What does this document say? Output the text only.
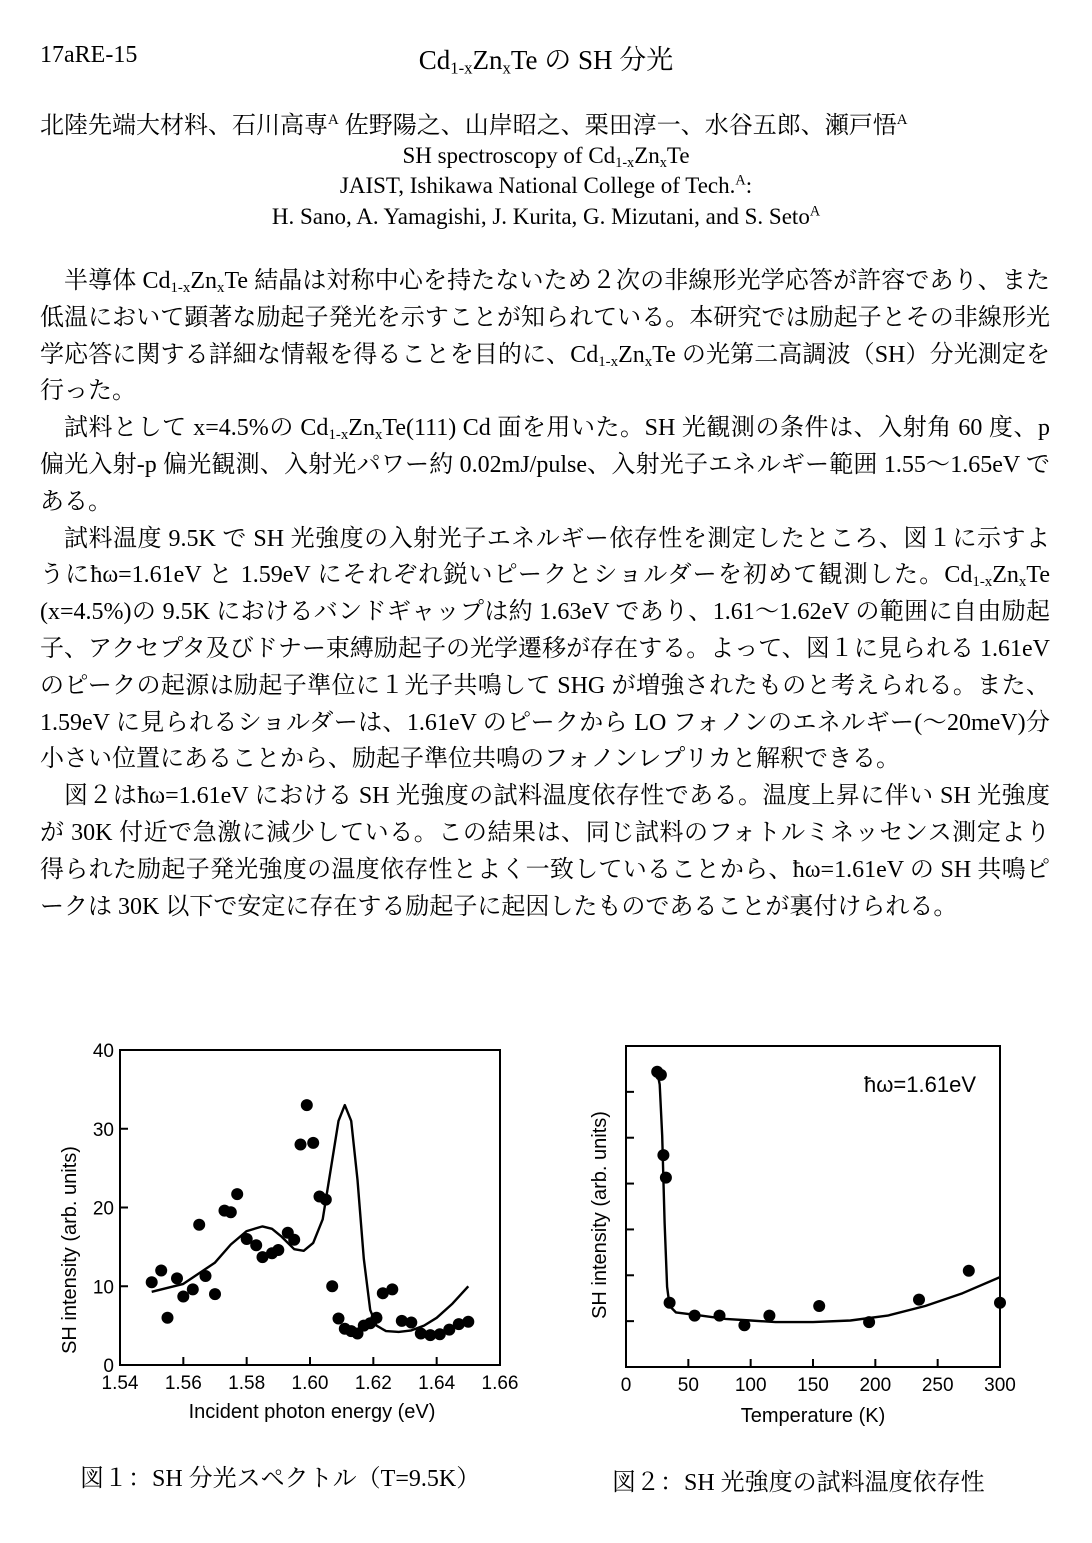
17aRE-15	$Cd_{1-x}Zn_xTe$ の SH 分光
北陸先端大材料、石川高専$^A$ 佐野陽之、山岸昭之、栗田淳一、水谷五郎、瀬戸悟$^A$
SH spectroscopy of $Cd_{1-x}Zn_xTe$
JAIST, Ishikawa National College of Tech.$^A$:
H. Sano, A. Yamagishi, J. Kurita, G. Mizutani, and S. Seto$^A$

半導体 $Cd_{1-x}Zn_xTe$ 結晶は対称中心を持たないため２次の非線形光学応答が許容であり、また低温において顕著な励起子発光を示すことが知られている。本研究では励起子とその非線形光学応答に関する詳細な情報を得ることを目的に、$Cd_{1-x}Zn_xTe$ の光第二高調波（SH）分光測定を行った。

試料として x=4.5%の $Cd_{1-x}Zn_xTe(111)$ Cd 面を用いた。SH 光観測の条件は、入射角 60 度、p 偏光入射-p 偏光観測、入射光パワー約 0.02mJ/pulse、入射光子エネルギー範囲 1.55〜1.65eV である。

試料温度 9.5K で SH 光強度の入射光子エネルギー依存性を測定したところ、図１に示すようにħω=1.61eV と 1.59eV にそれぞれ鋭いピークとショルダーを初めて観測した。$Cd_{1-x}Zn_xTe$ (x=4.5%)の 9.5K におけるバンドギャップは約 1.63eV であり、1.61〜1.62eV の範囲に自由励起子、アクセプタ及びドナー束縛励起子の光学遷移が存在する。よって、図１に見られる 1.61eV のピークの起源は励起子準位に１光子共鳴して SHG が増強されたものと考えられる。また、1.59eV に見られるショルダーは、1.61eV のピークから LO フォノンのエネルギー(〜20meV)分小さい位置にあることから、励起子準位共鳴のフォノンレプリカと解釈できる。

図２はħω=1.61eV における SH 光強度の試料温度依存性である。温度上昇に伴い SH 光強度が 30K 付近で急激に減少している。この結果は、同じ試料のフォトルミネッセンス測定より得られた励起子発光強度の温度依存性とよく一致していることから、ħω=1.61eV の SH 共鳴ピークは 30K 以下で安定に存在する励起子に起因したものであることが裏付けられる。

1.54 1.56 1.58 1.60 1.62 1.64 1.66
0
10
20
30
40
Incident photon energy (eV)
SH intensity (arb. units)
0 50 100 150 200 250 300
ħω=1.61eV
Temperature (K)
SH intensity (arb. units)
図１：SH 分光スペクトル（T=9.5K）	図２：SH 光強度の試料温度依存性
